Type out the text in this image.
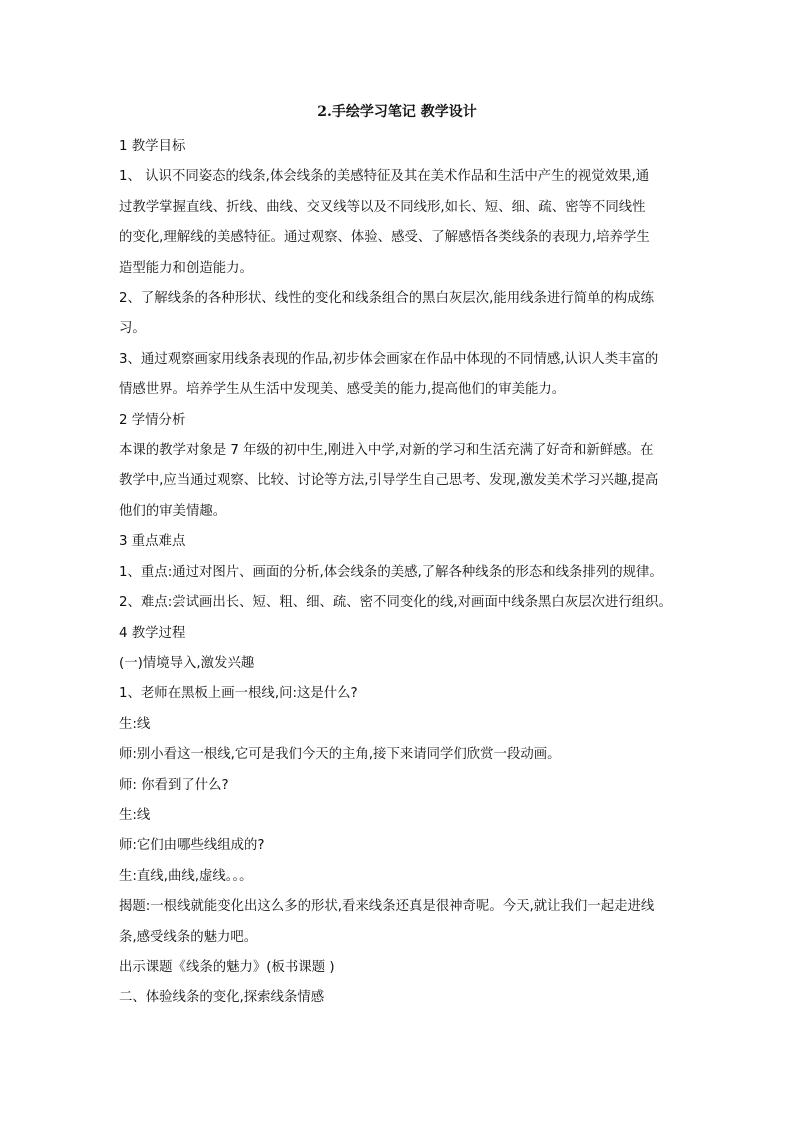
2.手绘学习笔记 教学设计

1 教学目标

1、 认识不同姿态的线条,体会线条的美感特征及其在美术作品和生活中产生的视觉效果,通
过教学掌握直线、折线、曲线、交叉线等以及不同线形,如长、短、细、疏、密等不同线性
的变化,理解线的美感特征。通过观察、体验、感受、了解感悟各类线条的表现力,培养学生
造型能力和创造能力。

2、了解线条的各种形状、线性的变化和线条组合的黑白灰层次,能用线条进行简单的构成练
习。

3、通过观察画家用线条表现的作品,初步体会画家在作品中体现的不同情感,认识人类丰富的
情感世界。培养学生从生活中发现美、感受美的能力,提高他们的审美能力。

2 学情分析

本课的教学对象是 7 年级的初中生,刚进入中学,对新的学习和生活充满了好奇和新鲜感。在
教学中,应当通过观察、比较、讨论等方法,引导学生自己思考、发现,激发美术学习兴趣,提高
他们的审美情趣。

3 重点难点

1、重点:通过对图片、画面的分析,体会线条的美感,了解各种线条的形态和线条排列的规律。

2、难点:尝试画出长、短、粗、细、疏、密不同变化的线,对画面中线条黑白灰层次进行组织。

4 教学过程

(一)情境导入,激发兴趣

1、老师在黑板上画一根线,问:这是什么?

生:线

师:别小看这一根线,它可是我们今天的主角,接下来请同学们欣赏一段动画。

师: 你看到了什么?

生:线

师:它们由哪些线组成的?

生:直线,曲线,虚线。。。

揭题:一根线就能变化出这么多的形状,看来线条还真是很神奇呢。今天,就让我们一起走进线
条,感受线条的魅力吧。

出示课题《线条的魅力》(板书课题 )

二、体验线条的变化,探索线条情感
